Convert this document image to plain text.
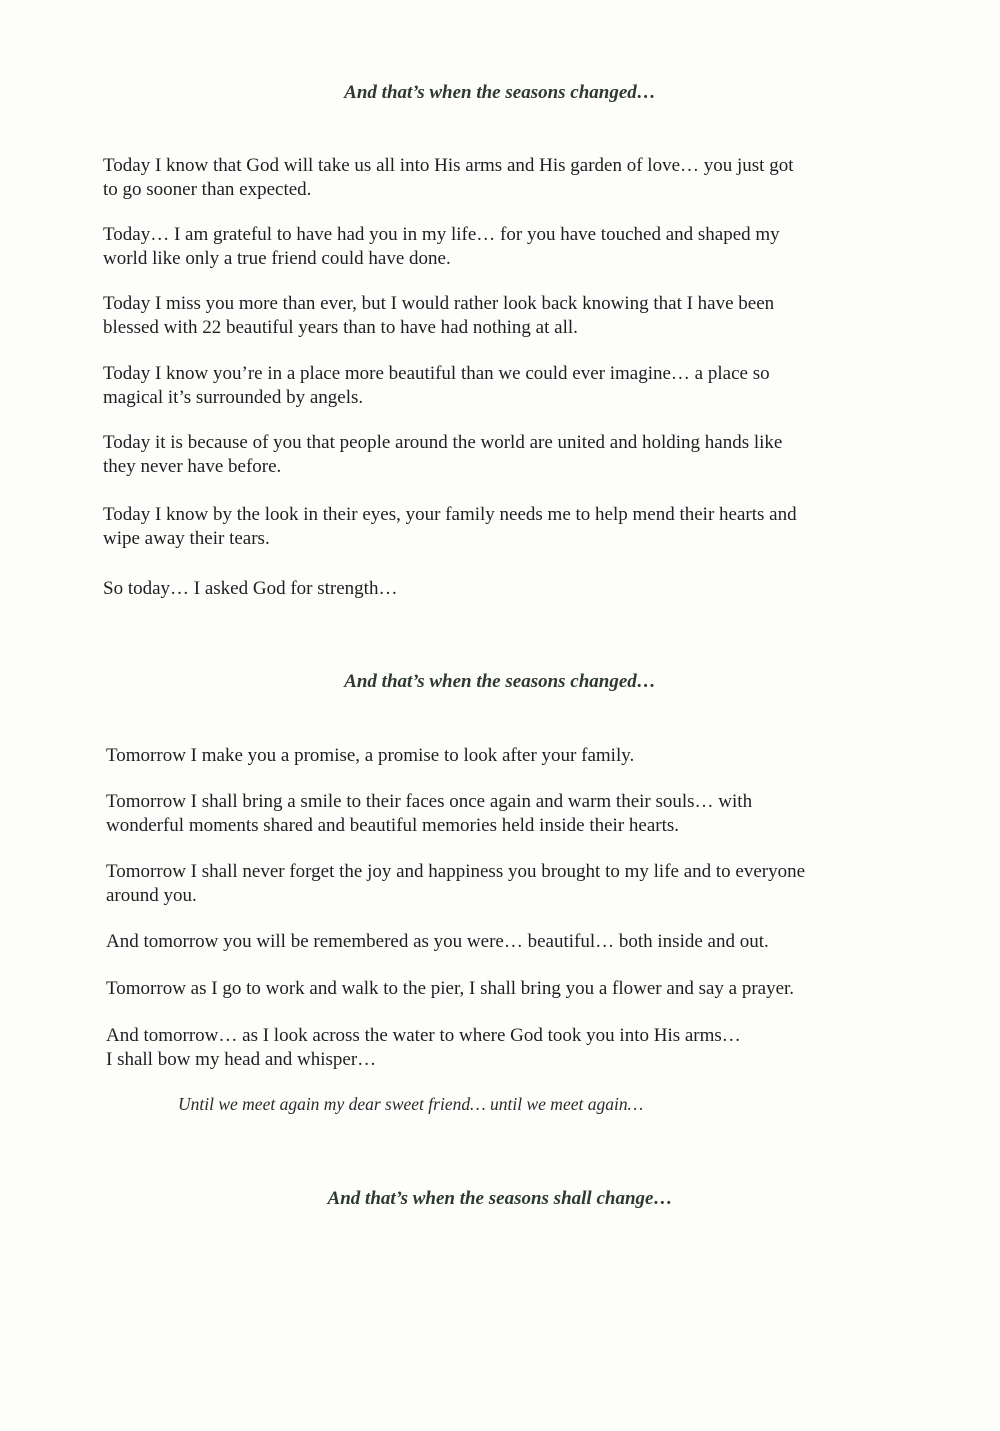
And that’s when the seasons changed…

Today I know that God will take us all into His arms and His garden of love… you just got
to go sooner than expected.

Today… I am grateful to have had you in my life… for you have touched and shaped my
world like only a true friend could have done.

Today I miss you more than ever, but I would rather look back knowing that I have been
blessed with 22 beautiful years than to have had nothing at all.

Today I know you’re in a place more beautiful than we could ever imagine… a place so
magical it’s surrounded by angels.

Today it is because of you that people around the world are united and holding hands like
they never have before.

Today I know by the look in their eyes, your family needs me to help mend their hearts and
wipe away their tears.

So today… I asked God for strength…

And that’s when the seasons changed…

Tomorrow I make you a promise, a promise to look after your family.

Tomorrow I shall bring a smile to their faces once again and warm their souls… with
wonderful moments shared and beautiful memories held inside their hearts.

Tomorrow I shall never forget the joy and happiness you brought to my life and to everyone
around you.

And tomorrow you will be remembered as you were… beautiful… both inside and out.

Tomorrow as I go to work and walk to the pier, I shall bring you a flower and say a prayer.

And tomorrow… as I look across the water to where God took you into His arms…
I shall bow my head and whisper…

Until we meet again my dear sweet friend… until we meet again…

And that’s when the seasons shall change…
